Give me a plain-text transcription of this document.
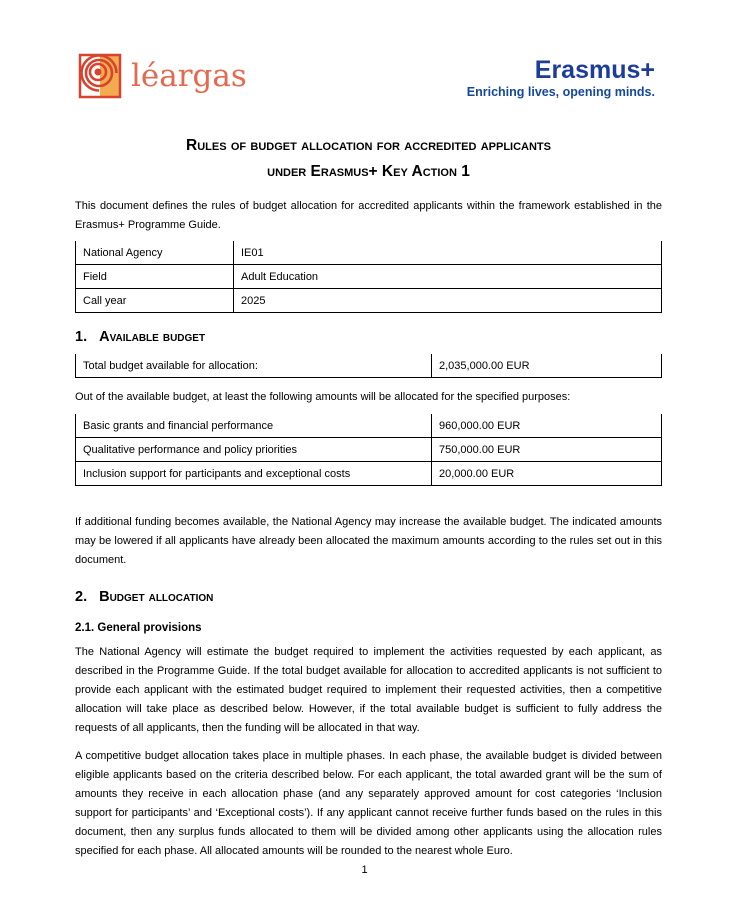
léargas	Erasmus+
Enriching lives, opening minds.
Rules of budget allocation for accredited applicants
under Erasmus+ Key Action 1

This document defines the rules of budget allocation for accredited applicants within the framework established in the Erasmus+ Programme Guide.

National Agency	IE01
Field	Adult Education
Call year	2025
1. Available budget
Total budget available for allocation:	2,035,000.00 EUR

Out of the available budget, at least the following amounts will be allocated for the specified purposes:

Basic grants and financial performance	960,000.00 EUR
Qualitative performance and policy priorities	750,000.00 EUR
Inclusion support for participants and exceptional costs	20,000.00 EUR

If additional funding becomes available, the National Agency may increase the available budget. The indicated amounts may be lowered if all applicants have already been allocated the maximum amounts according to the rules set out in this document.

2. Budget allocation
2.1. General provisions

The National Agency will estimate the budget required to implement the activities requested by each applicant, as described in the Programme Guide. If the total budget available for allocation to accredited applicants is not sufficient to provide each applicant with the estimated budget required to implement their requested activities, then a competitive allocation will take place as described below. However, if the total available budget is sufficient to fully address the requests of all applicants, then the funding will be allocated in that way.

A competitive budget allocation takes place in multiple phases. In each phase, the available budget is divided between eligible applicants based on the criteria described below. For each applicant, the total awarded grant will be the sum of amounts they receive in each allocation phase (and any separately approved amount for cost categories ‘Inclusion support for participants’ and ‘Exceptional costs’). If any applicant cannot receive further funds based on the rules in this document, then any surplus funds allocated to them will be divided among other applicants using the allocation rules specified for each phase. All allocated amounts will be rounded to the nearest whole Euro.

1
